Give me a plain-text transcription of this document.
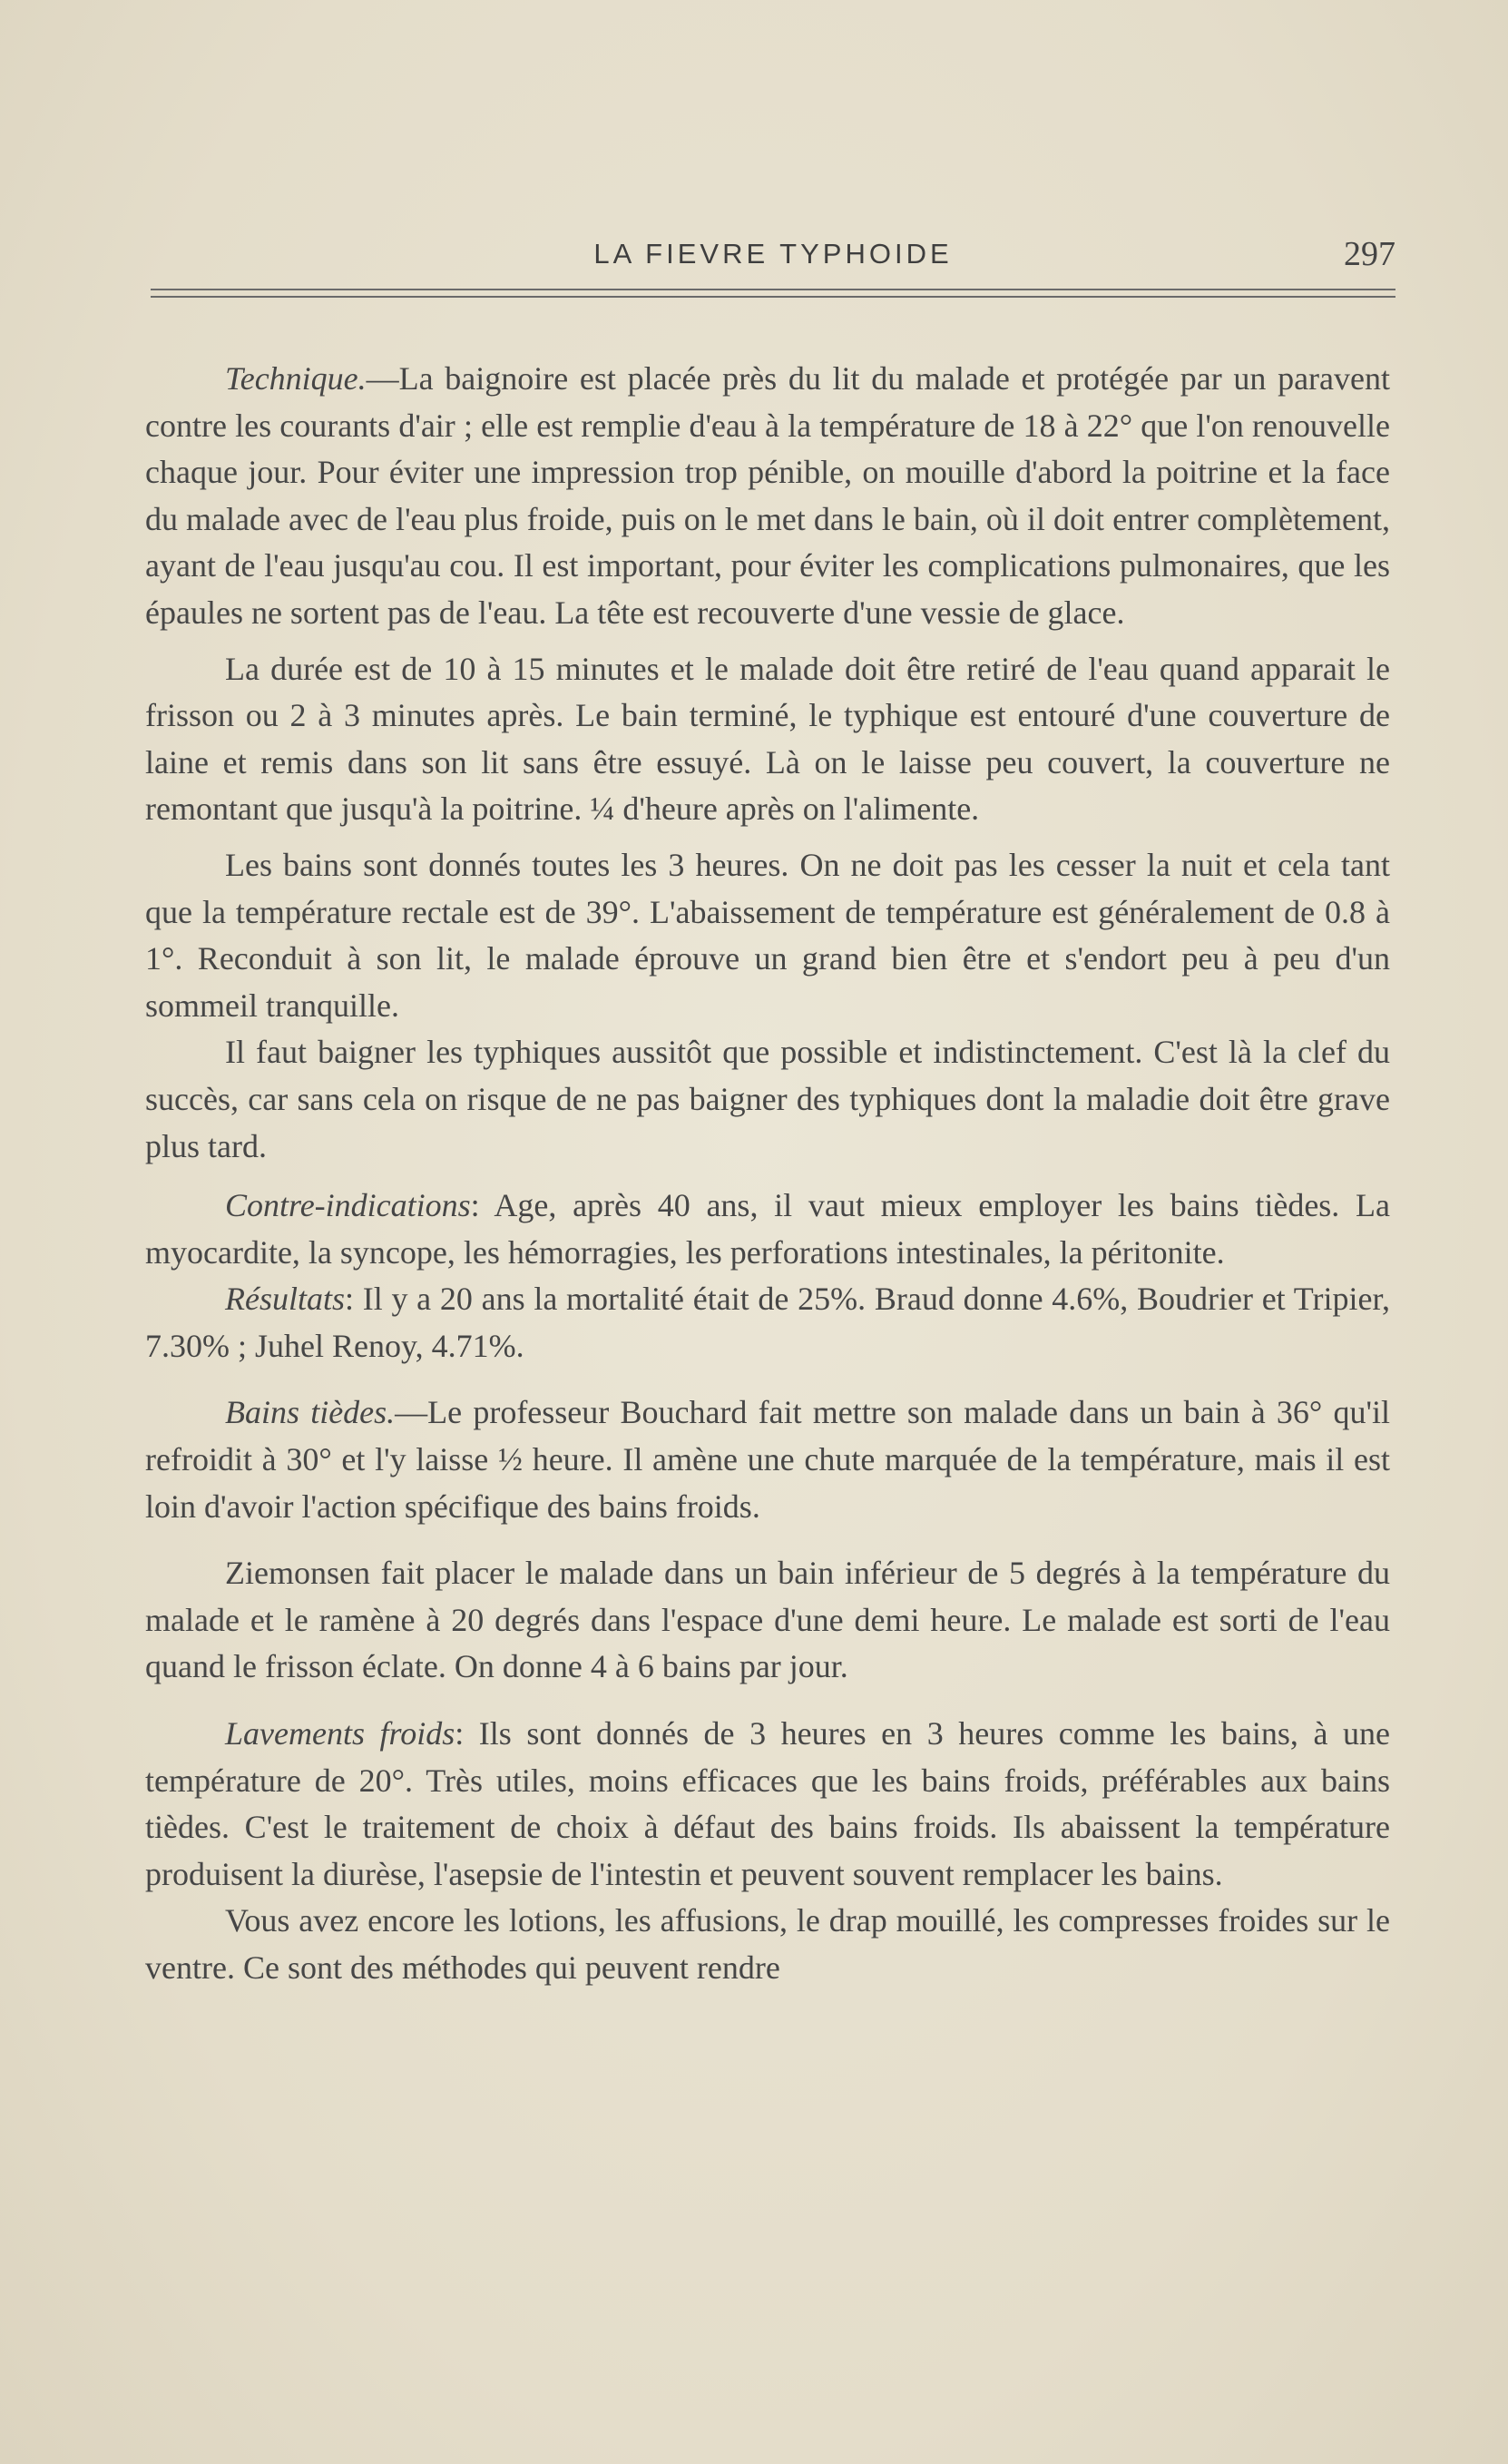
LA FIEVRE TYPHOIDE	297

Technique.—La baignoire est placée près du lit du malade et protégée par un paravent contre les courants d'air ; elle est remplie d'eau à la température de 18 à 22° que l'on renouvelle chaque jour. Pour éviter une impression trop pénible, on mouille d'abord la poitrine et la face du malade avec de l'eau plus froide, puis on le met dans le bain, où il doit entrer complètement, ayant de l'eau jusqu'au cou. Il est important, pour éviter les complications pulmonaires, que les épaules ne sortent pas de l'eau. La tête est recouverte d'une vessie de glace.

La durée est de 10 à 15 minutes et le malade doit être retiré de l'eau quand apparait le frisson ou 2 à 3 minutes après. Le bain terminé, le typhique est entouré d'une couverture de laine et remis dans son lit sans être essuyé. Là on le laisse peu couvert, la couverture ne remontant que jusqu'à la poitrine. ¼ d'heure après on l'alimente.

Les bains sont donnés toutes les 3 heures. On ne doit pas les cesser la nuit et cela tant que la température rectale est de 39°. L'abaissement de température est généralement de 0.8 à 1°. Reconduit à son lit, le malade éprouve un grand bien être et s'endort peu à peu d'un sommeil tranquille.

Il faut baigner les typhiques aussitôt que possible et indistinctement. C'est là la clef du succès, car sans cela on risque de ne pas baigner des typhiques dont la maladie doit être grave plus tard.

Contre-indications: Age, après 40 ans, il vaut mieux employer les bains tièdes. La myocardite, la syncope, les hémorragies, les perforations intestinales, la péritonite.

Résultats: Il y a 20 ans la mortalité était de 25%. Braud donne 4.6%, Boudrier et Tripier, 7.30% ; Juhel Renoy, 4.71%.

Bains tièdes.—Le professeur Bouchard fait mettre son malade dans un bain à 36° qu'il refroidit à 30° et l'y laisse ½ heure. Il amène une chute marquée de la température, mais il est loin d'avoir l'action spécifique des bains froids.

Ziemonsen fait placer le malade dans un bain inférieur de 5 degrés à la température du malade et le ramène à 20 degrés dans l'espace d'une demi heure. Le malade est sorti de l'eau quand le frisson éclate. On donne 4 à 6 bains par jour.

Lavements froids: Ils sont donnés de 3 heures en 3 heures comme les bains, à une température de 20°. Très utiles, moins efficaces que les bains froids, préférables aux bains tièdes. C'est le traitement de choix à défaut des bains froids. Ils abaissent la température produisent la diurèse, l'asepsie de l'intestin et peuvent souvent remplacer les bains.

Vous avez encore les lotions, les affusions, le drap mouillé, les compresses froides sur le ventre. Ce sont des méthodes qui peuvent rendre
